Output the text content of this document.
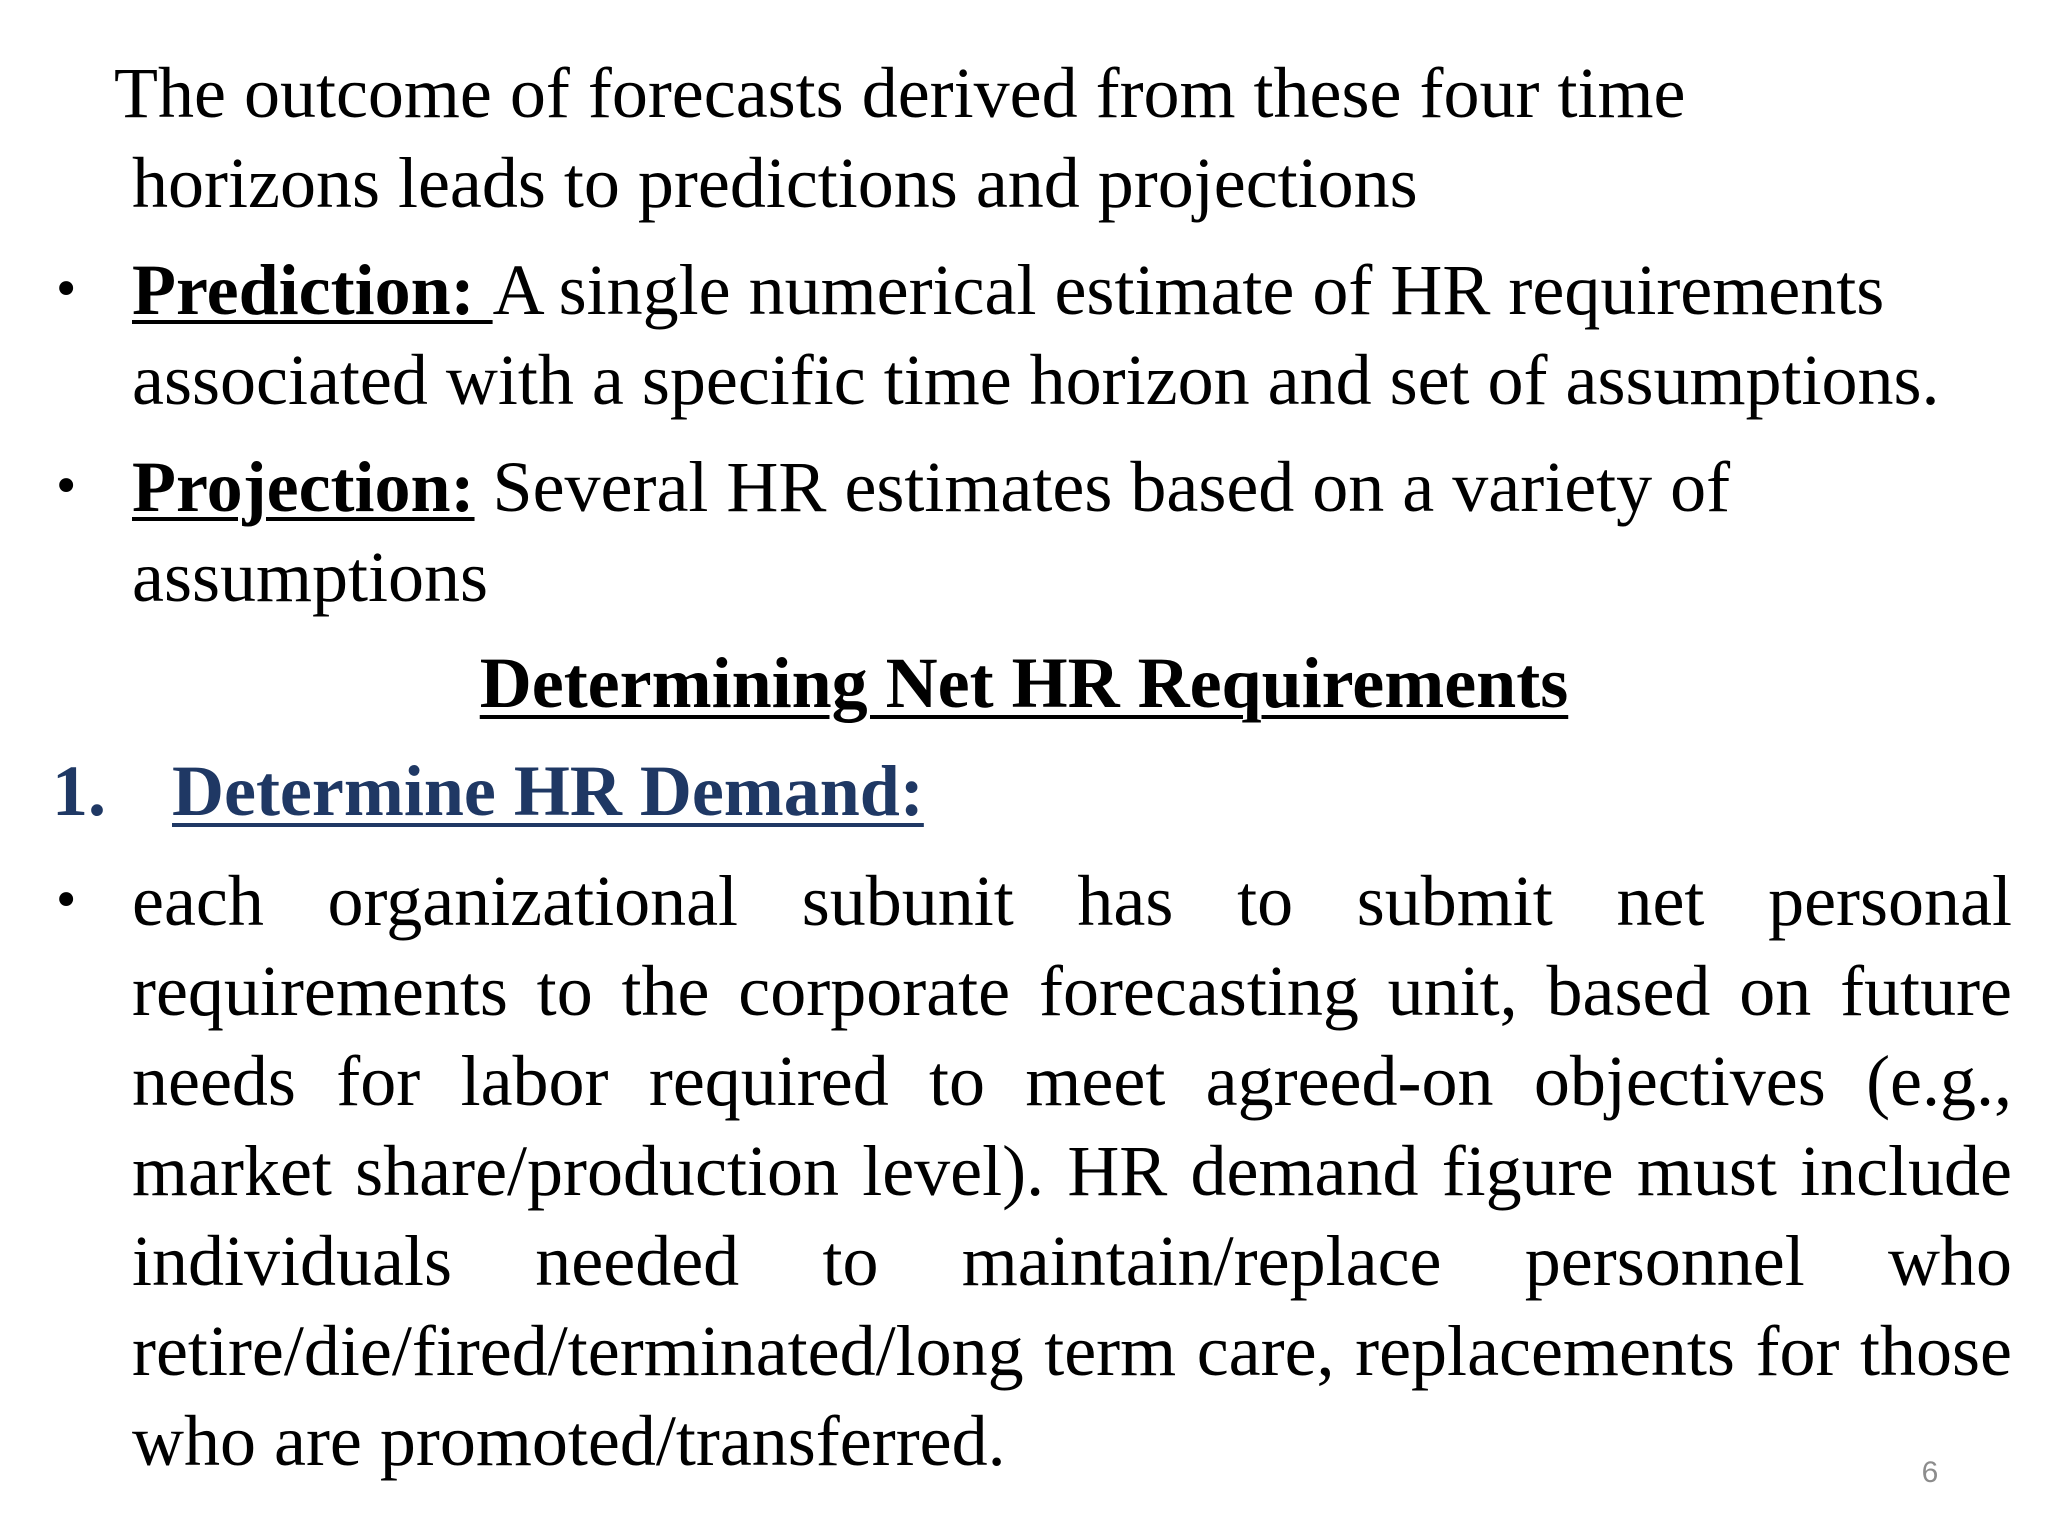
The outcome of forecasts derived from these four time
horizons leads to predictions and projections
• Prediction: A single numerical estimate of HR requirements associated with a specific time horizon and set of assumptions.
• Projection: Several HR estimates based on a variety of assumptions
Determining Net HR Requirements
1. Determine HR Demand:
• each organizational subunit has to submit net personal requirements to the corporate forecasting unit, based on future needs for labor required to meet agreed-on objectives (e.g., market share/production level). HR demand figure must include individuals needed to maintain/replace personnel who retire/die/fired/terminated/long term care, replacements for those who are promoted/transferred.	6
